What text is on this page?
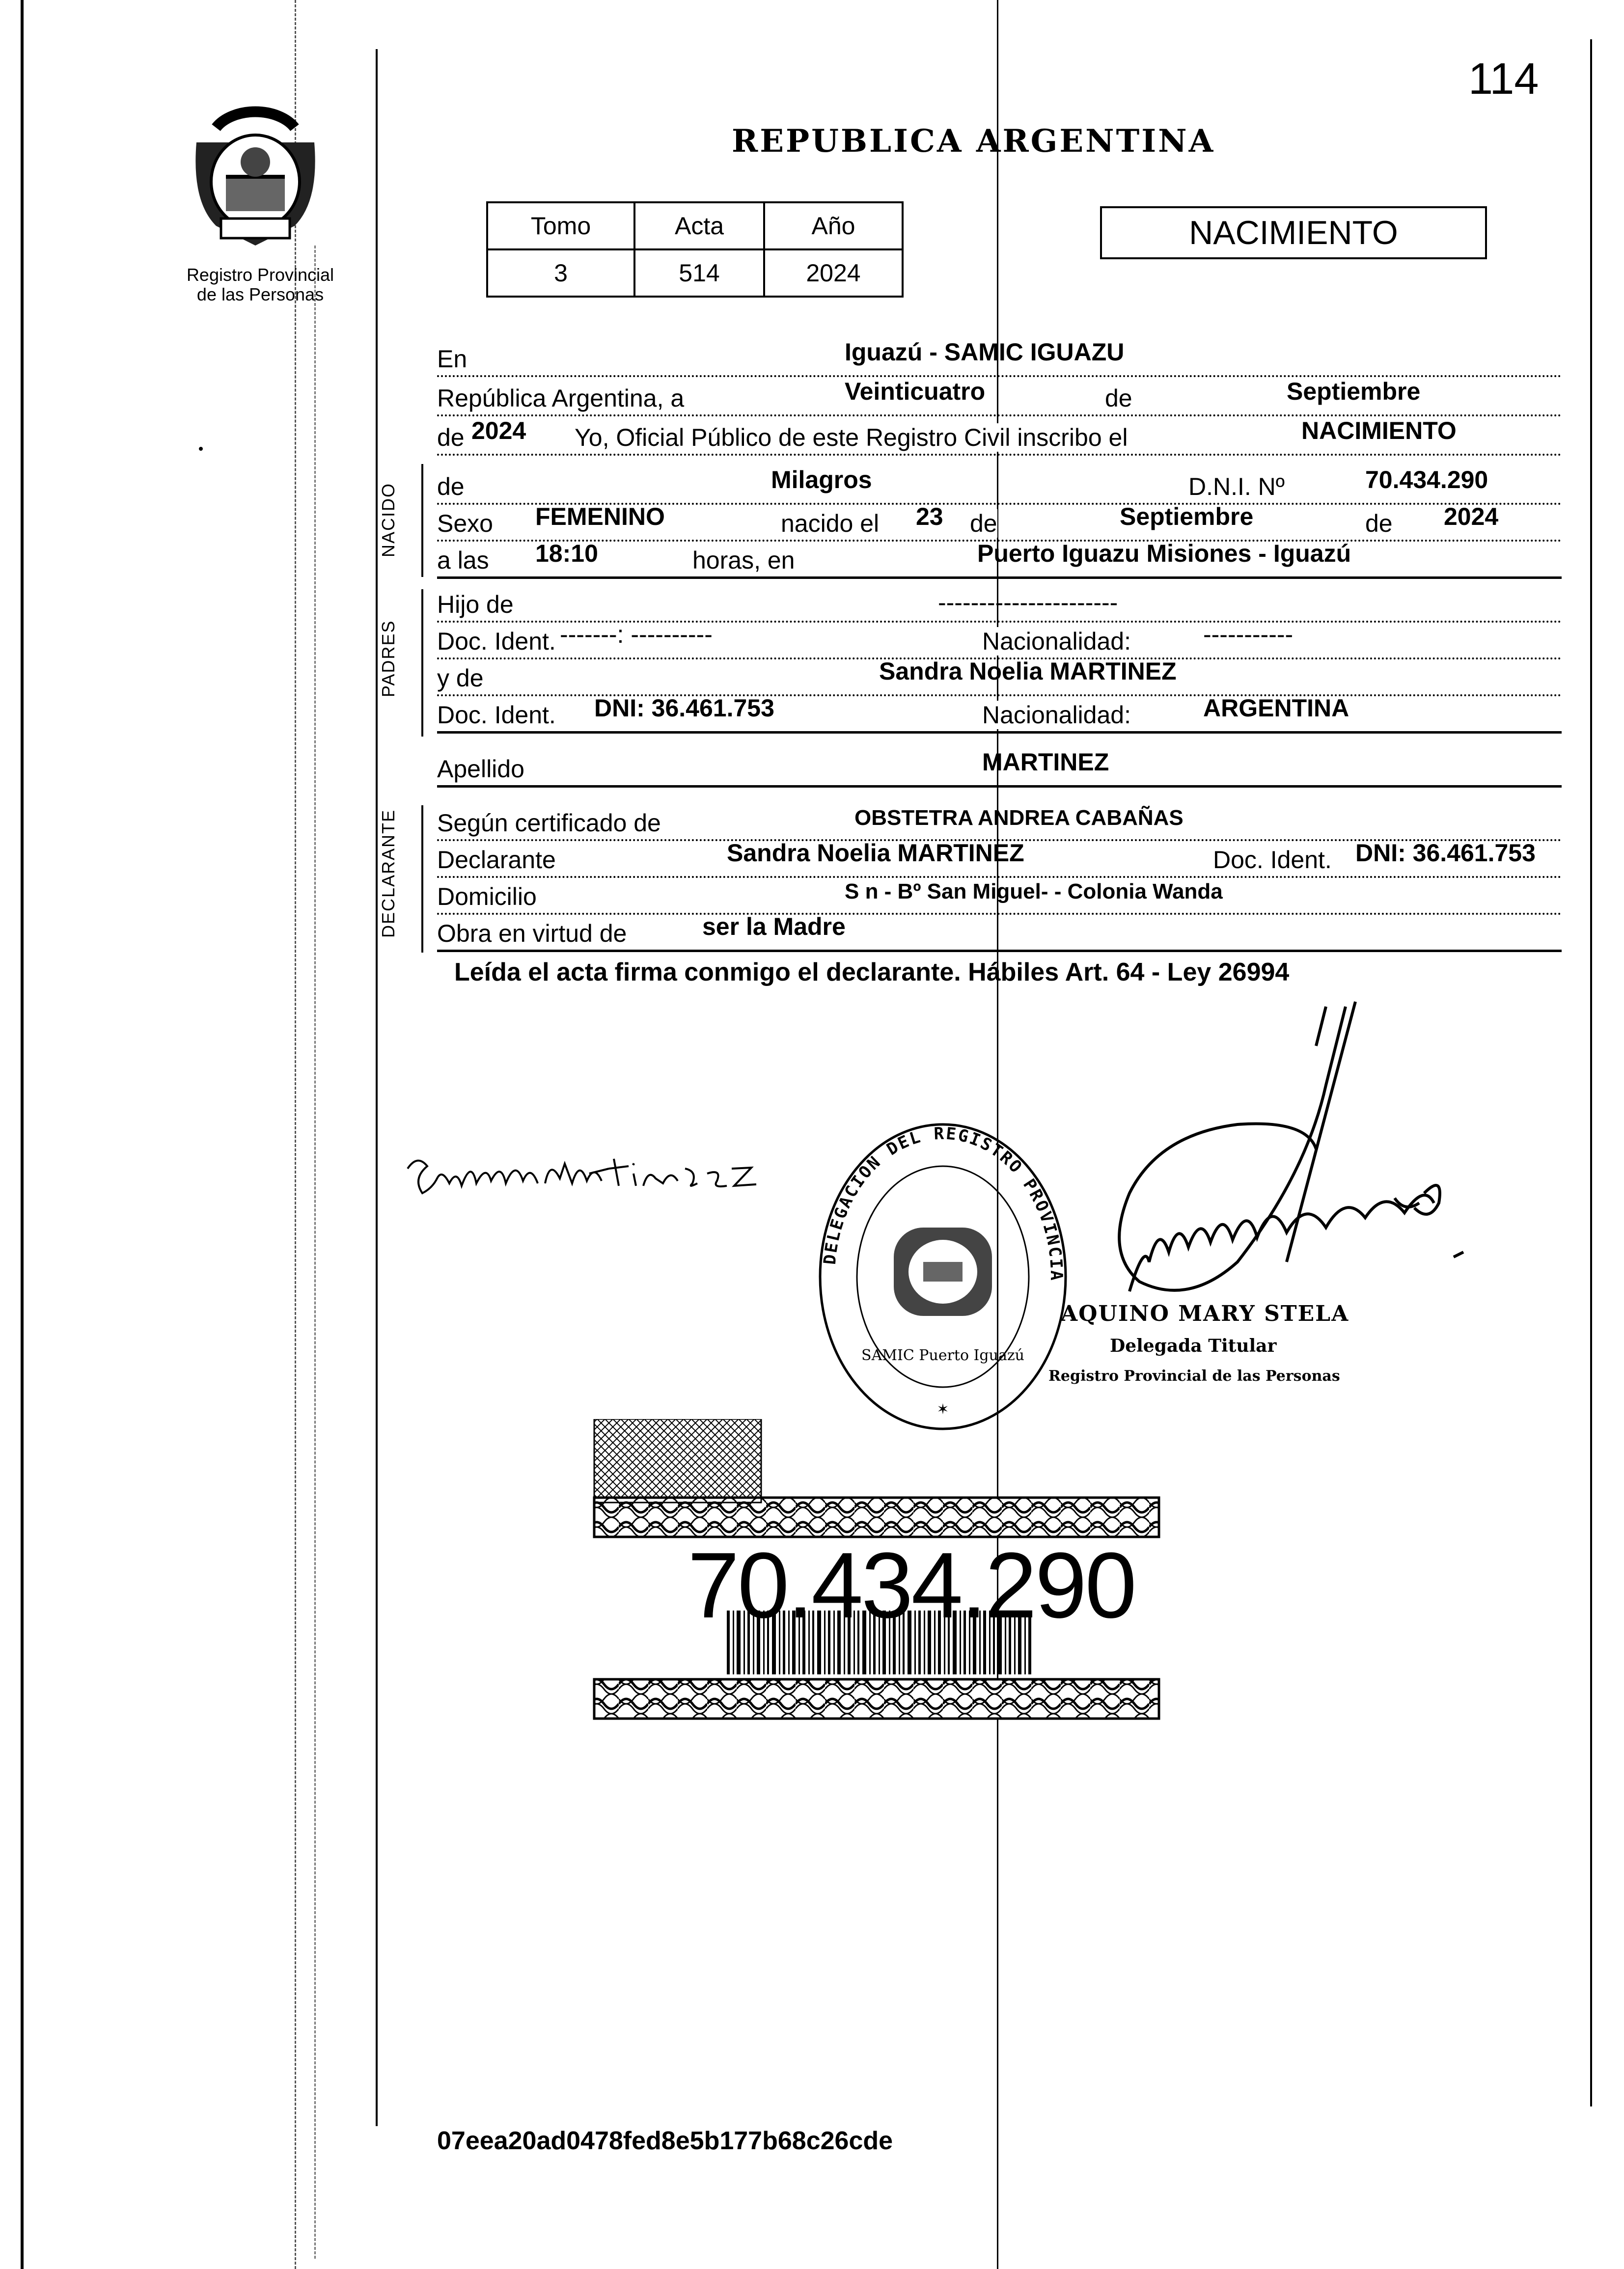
114
Registro Provincial
de las Personas
REPUBLICA ARGENTINA
Tomo	Acta	Año
3	514	2024
NACIMIENTO
En	Iguazú - SAMIC IGUAZU
República Argentina, a	Veinticuatro	de	Septiembre
de 2024 Yo, Oficial Público de este Registro Civil inscribo el	NACIMIENTO
NACIDO de	Milagros	D.N.I. Nº	70.434.290
Sexo FEMENINO	nacido el 23 de	Septiembre	de 2024
a las 18:10	horas, en	Puerto Iguazu Misiones - Iguazú
PADRES
Hijo de	----------------------
Doc. Ident. -------: ----------	Nacionalidad:	-----------
y de	Sandra Noelia MARTINEZ
Doc. Ident. DNI: 36.461.753	Nacionalidad:	ARGENTINA
Apellido	MARTINEZ
DECLARANTE Según certificado de	OBSTETRA ANDREA CABAÑAS
Declarante	Sandra Noelia MARTINEZ	Doc. Ident. DNI: 36.461.753
Domicilio	S n - Bº San Miguel- - Colonia Wanda
Obra en virtud de	ser la Madre
Leída el acta firma conmigo el declarante. Hábiles Art. 64 - Ley 26994
DELEGACION DEL REGISTRO PROVINCIA
SAMIC Puerto Iguazú
✶
AQUINO MARY STELA
Delegada Titular
Registro Provincial de las Personas
70.434.290
07eea20ad0478fed8e5b177b68c26cde
